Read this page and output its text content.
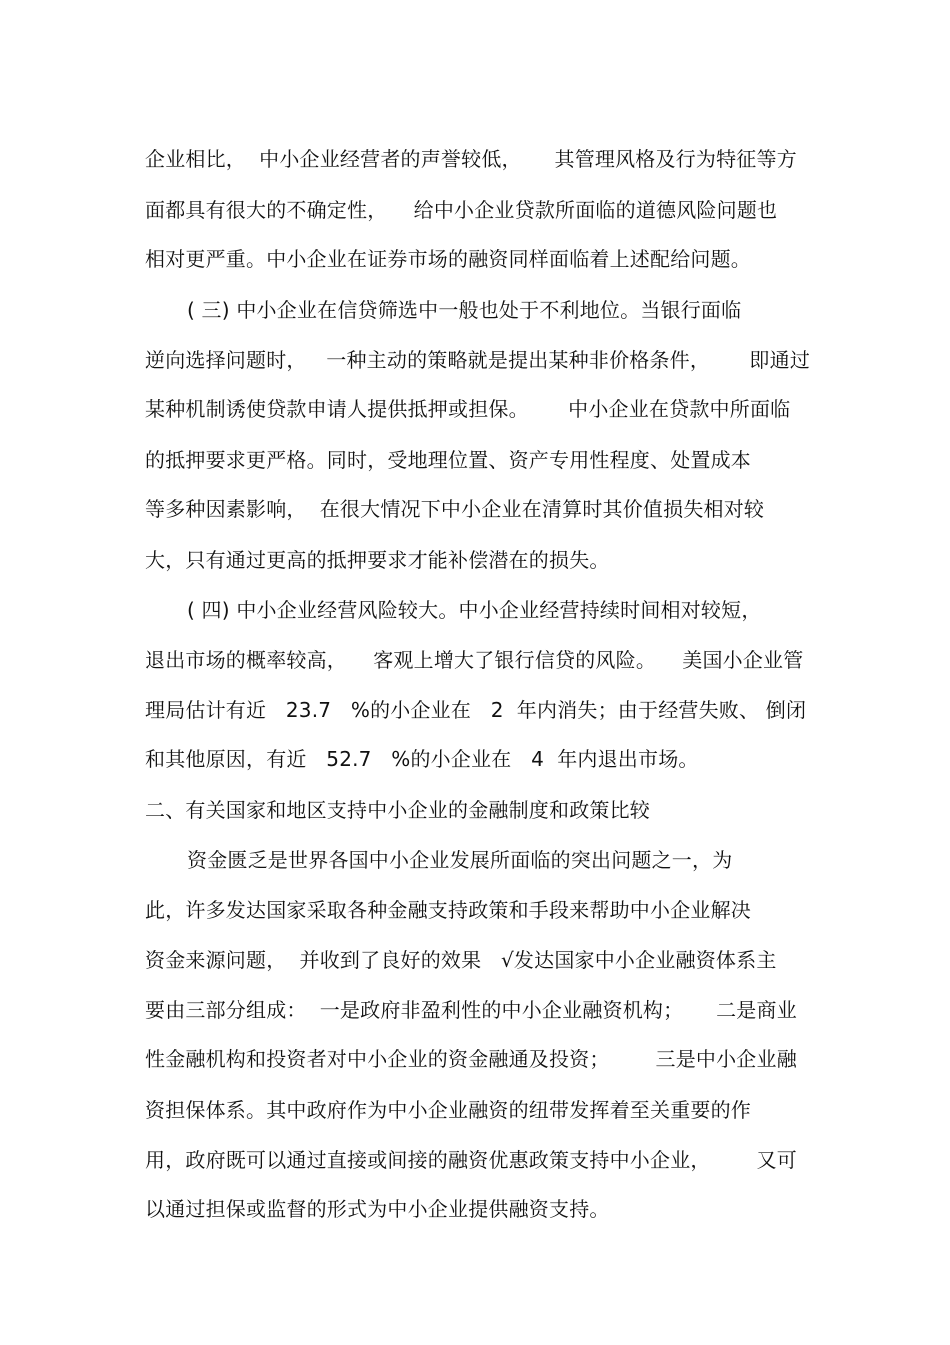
企业相比，  中小企业经营者的声誉较低，     其管理风格及行为特征等方
面都具有很大的不确定性，    给中小企业贷款所面临的道德风险问题也
相对更严重。中小企业在证券市场的融资同样面临着上述配给问题。
( 三) 中小企业在信贷筛选中一般也处于不利地位。当银行面临
逆向选择问题时，   一种主动的策略就是提出某种非价格条件，      即通过
某种机制诱使贷款申请人提供抵押或担保。      中小企业在贷款中所面临
的抵押要求更严格。同时，受地理位置、资产专用性程度、处置成本
等多种因素影响，  在很大情况下中小企业在清算时其价值损失相对较
大，只有通过更高的抵押要求才能补偿潜在的损失。
( 四) 中小企业经营风险较大。中小企业经营持续时间相对较短，
退出市场的概率较高，    客观上增大了银行信贷的风险。    美国小企业管
理局估计有近   23.7   %的小企业在   2  年内消失；由于经营失败、 倒闭
和其他原因，有近   52.7   %的小企业在   4  年内退出市场。
二、有关国家和地区支持中小企业的金融制度和政策比较
资金匮乏是世界各国中小企业发展所面临的突出问题之一，为
此，许多发达国家采取各种金融支持政策和手段来帮助中小企业解决
资金来源问题，  并收到了良好的效果   √发达国家中小企业融资体系主
要由三部分组成：  一是政府非盈利性的中小企业融资机构；     二是商业
性金融机构和投资者对中小企业的资金融通及投资；       三是中小企业融
资担保体系。其中政府作为中小企业融资的纽带发挥着至关重要的作
用，政府既可以通过直接或间接的融资优惠政策支持中小企业，       又可
以通过担保或监督的形式为中小企业提供融资支持。
